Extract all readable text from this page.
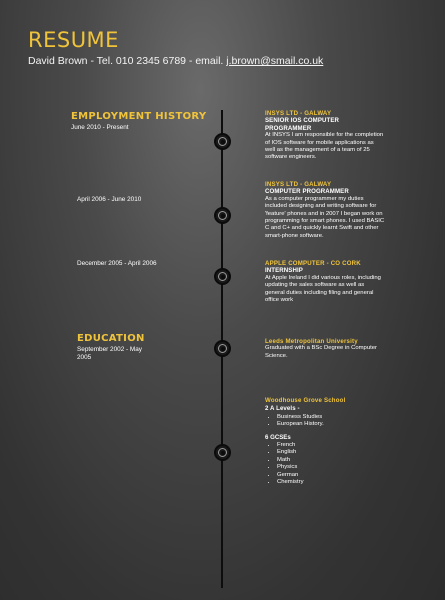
RESUME
David Brown - Tel. 010 2345 6789 - email. j.brown@smail.co.uk
EMPLOYMENT HISTORY
June 2010 - Present
April 2006 - June 2010
December 2005 - April 2006
EDUCATION
September 2002 - May 2005
INSYS LTD - GALWAY
SENIOR IOS COMPUTER PROGRAMMER
At INSYS I am responsible for the completion of IOS software for mobile applications as well as the management of a team of 25 software engineers.
INSYS LTD - GALWAY
COMPUTER PROGRAMMER
As a computer programmer my duties included designing and writing software for 'feature' phones and in 2007 I began work on programming for smart phones. I used BASIC C and C+ and quickly learnt Swift and other smart-phone software.
APPLE COMPUTER - CO CORK
INTERNSHIP
At Apple Ireland I did various roles, including updating the sales software as well as general duties including filing and general office work
Leeds Metropolitan University
Graduated with a BSc Degree in Computer Science.
Woodhouse Grove School
2 A Levels -
• Business Studies
• European History.
6 GCSEs
• French
• English
• Math
• Physics
• German
• Chemistry
